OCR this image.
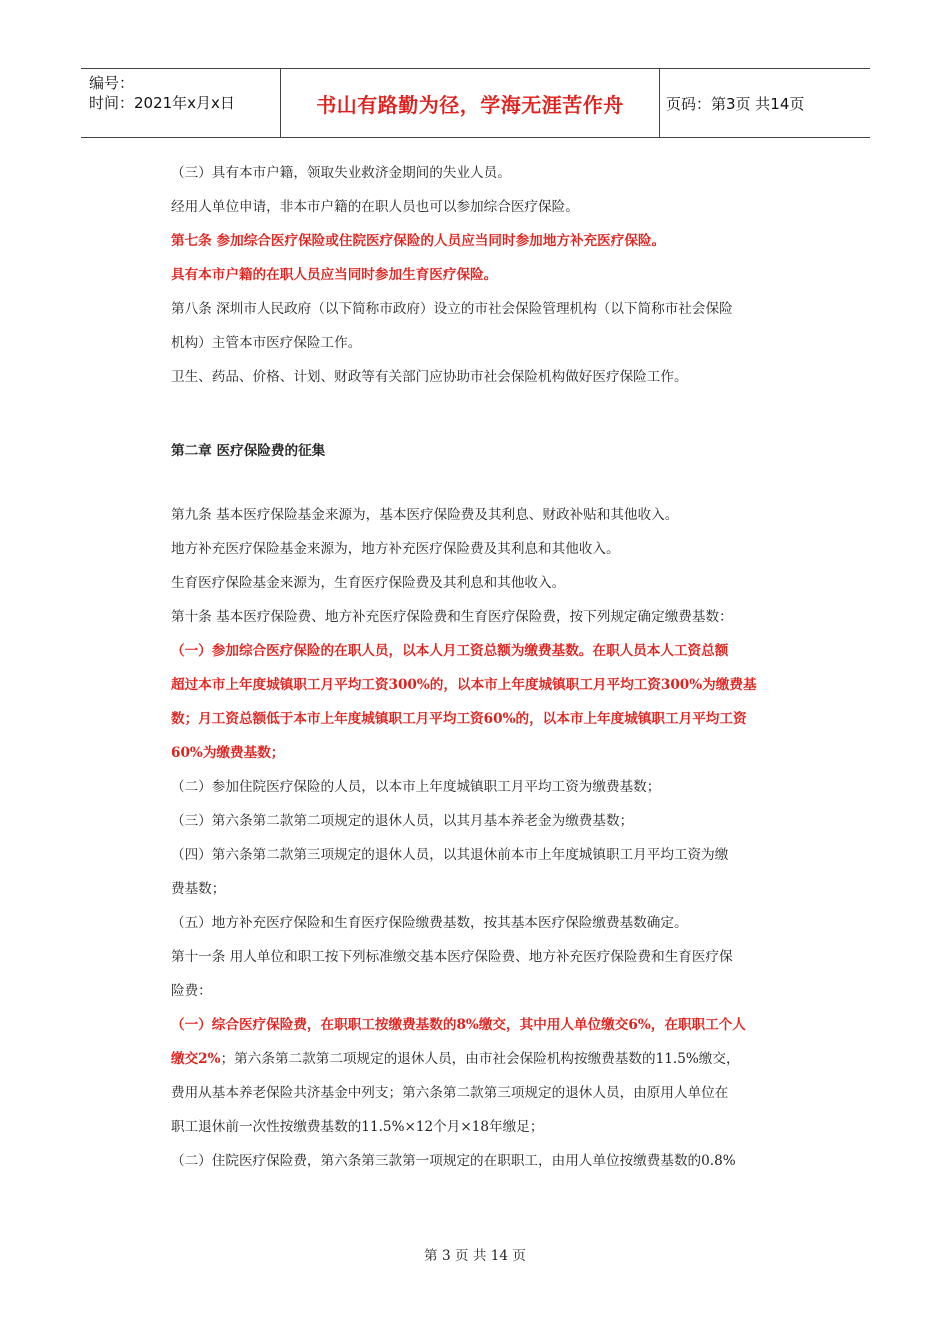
编号：
时间：2021年x月x日	书山有路勤为径，学海无涯苦作舟	页码：第3页 共14页

（三）具有本市户籍，领取失业救济金期间的失业人员。

经用人单位申请，非本市户籍的在职人员也可以参加综合医疗保险。

第七条 参加综合医疗保险或住院医疗保险的人员应当同时参加地方补充医疗保险。

具有本市户籍的在职人员应当同时参加生育医疗保险。

第八条 深圳市人民政府（以下简称市政府）设立的市社会保险管理机构（以下简称市社会保险

机构）主管本市医疗保险工作。

卫生、药品、价格、计划、财政等有关部门应协助市社会保险机构做好医疗保险工作。

第二章 医疗保险费的征集

第九条 基本医疗保险基金来源为，基本医疗保险费及其利息、财政补贴和其他收入。

地方补充医疗保险基金来源为，地方补充医疗保险费及其利息和其他收入。

生育医疗保险基金来源为，生育医疗保险费及其利息和其他收入。

第十条 基本医疗保险费、地方补充医疗保险费和生育医疗保险费，按下列规定确定缴费基数：

（一）参加综合医疗保险的在职人员，以本人月工资总额为缴费基数。在职人员本人工资总额

超过本市上年度城镇职工月平均工资300%的，以本市上年度城镇职工月平均工资300%为缴费基

数；月工资总额低于本市上年度城镇职工月平均工资60%的，以本市上年度城镇职工月平均工资

60%为缴费基数；

（二）参加住院医疗保险的人员，以本市上年度城镇职工月平均工资为缴费基数；

（三）第六条第二款第二项规定的退休人员，以其月基本养老金为缴费基数；

（四）第六条第二款第三项规定的退休人员，以其退休前本市上年度城镇职工月平均工资为缴

费基数；

（五）地方补充医疗保险和生育医疗保险缴费基数，按其基本医疗保险缴费基数确定。

第十一条 用人单位和职工按下列标准缴交基本医疗保险费、地方补充医疗保险费和生育医疗保

险费：

（一）综合医疗保险费，在职职工按缴费基数的8%缴交，其中用人单位缴交6%，在职职工个人

缴交2%；第六条第二款第二项规定的退休人员，由市社会保险机构按缴费基数的11.5%缴交，

费用从基本养老保险共济基金中列支；第六条第二款第三项规定的退休人员，由原用人单位在

职工退休前一次性按缴费基数的11.5%×12个月×18年缴足；

（二）住院医疗保险费，第六条第三款第一项规定的在职职工，由用人单位按缴费基数的0.8%

第 3 页 共 14 页
